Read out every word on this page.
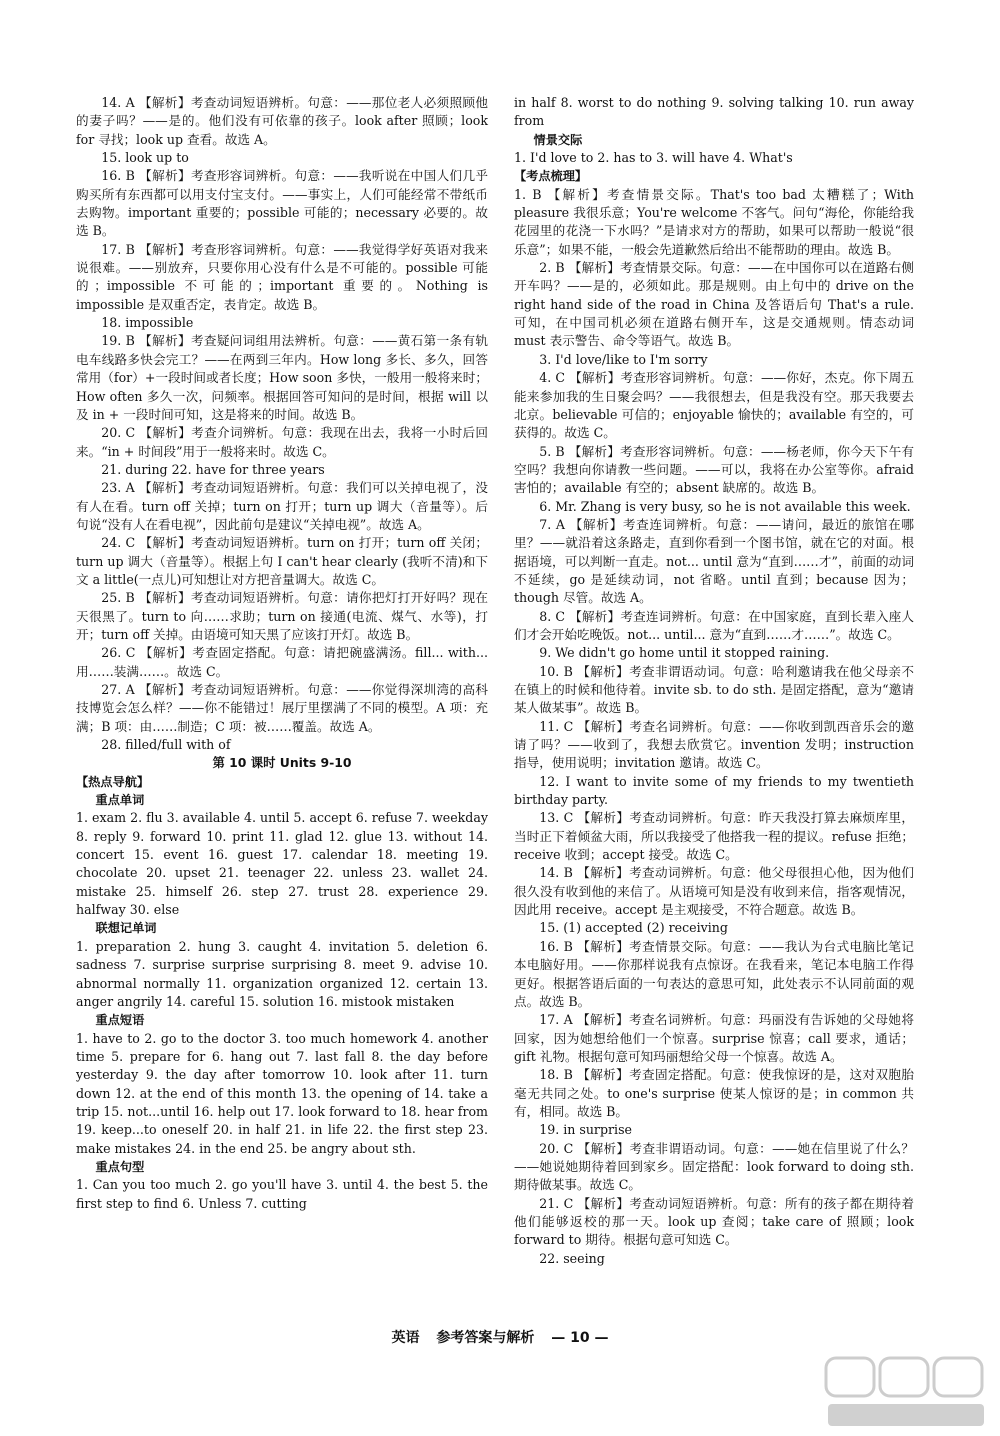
14. A 【解析】考查动词短语辨析。句意：——那位老人必须照顾他的妻子吗？——是的。他们没有可依靠的孩子。look after 照顾；look for 寻找；look up 查看。故选 A。
15. look up to
16. B 【解析】考查形容词辨析。句意：——我听说在中国人们几乎购买所有东西都可以用支付宝支付。——事实上，人们可能经常不带纸币去购物。important 重要的；possible 可能的；necessary 必要的。故选 B。
17. B 【解析】考查形容词辨析。句意：——我觉得学好英语对我来说很难。——别放弃，只要你用心没有什么是不可能的。possible 可能的；impossible 不可能的；important 重要的。Nothing is impossible 是双重否定，表肯定。故选 B。
18. impossible
19. B 【解析】考查疑问词组用法辨析。句意：——黄石第一条有轨电车线路多快会完工？——在两到三年内。How long 多长、多久，回答常用（for）+一段时间或者长度；How soon 多快，一般用一般将来时；How often 多久一次，问频率。根据回答可知问的是时间，根据 will 以及 in + 一段时间可知，这是将来的时间。故选 B。
20. C 【解析】考查介词辨析。句意：我现在出去，我将一小时后回来。“in + 时间段”用于一般将来时。故选 C。
21. during 22. have for three years
23. A 【解析】考查动词短语辨析。句意：我们可以关掉电视了，没有人在看。turn off 关掉；turn on 打开；turn up 调大（音量等）。后句说“没有人在看电视”，因此前句是建议“关掉电视”。故选 A。
24. C 【解析】考查动词短语辨析。turn on 打开；turn off 关闭；turn up 调大（音量等）。根据上句 I can't hear clearly (我听不清)和下文 a little(一点儿)可知想让对方把音量调大。故选 C。
25. B 【解析】考查动词短语辨析。句意：请你把灯打开好吗？现在天很黑了。turn to 向……求助；turn on 接通(电流、煤气、水等)，打开；turn off 关掉。由语境可知天黑了应该打开灯。故选 B。
26. C 【解析】考查固定搭配。句意：请把碗盛满汤。fill... with... 用……装满……。故选 C。
27. A 【解析】考查动词短语辨析。句意：——你觉得深圳湾的高科技博览会怎么样？——你不能错过！展厅里摆满了不同的模型。A 项：充满；B 项：由……制造；C 项：被……覆盖。故选 A。
28. filled/full with of
第 10 课时 Units 9-10
【热点导航】
重点单词
1. exam 2. flu 3. available 4. until 5. accept 6. refuse 7. weekday 8. reply 9. forward 10. print 11. glad 12. glue 13. without 14. concert 15. event 16. guest 17. calendar 18. meeting 19. chocolate 20. upset 21. teenager 22. unless 23. wallet 24. mistake 25. himself 26. step 27. trust 28. experience 29. halfway 30. else
联想记单词
1. preparation 2. hung 3. caught 4. invitation 5. deletion 6. sadness 7. surprise surprise surprising 8. meet 9. advise 10. abnormal normally 11. organization organized 12. certain 13. anger angrily 14. careful 15. solution 16. mistook mistaken
重点短语
1. have to 2. go to the doctor 3. too much homework 4. another time 5. prepare for 6. hang out 7. last fall 8. the day before yesterday 9. the day after tomorrow 10. look after 11. turn down 12. at the end of this month 13. the opening of 14. take a trip 15. not...until 16. help out 17. look forward to 18. hear from 19. keep...to oneself 20. in half 21. in life 22. the first step 23. make mistakes 24. in the end 25. be angry about sth.
重点句型
1. Can you too much 2. go you'll have 3. until 4. the best 5. the first step to find 6. Unless 7. cutting
in half 8. worst to do nothing 9. solving talking 10. run away from
情景交际
1. I'd love to 2. has to 3. will have 4. What's
【考点梳理】
1. B 【解析】考查情景交际。That's too bad 太糟糕了；With pleasure 我很乐意；You're welcome 不客气。问句“海伦，你能给我花园里的花浇一下水吗？”是请求对方的帮助，如果可以帮助一般说“很乐意”；如果不能，一般会先道歉然后给出不能帮助的理由。故选 B。
2. B 【解析】考查情景交际。句意：——在中国你可以在道路右侧开车吗？——是的，必须如此。那是规则。由上句中的 drive on the right hand side of the road in China 及答语后句 That's a rule. 可知，在中国司机必须在道路右侧开车，这是交通规则。情态动词 must 表示警告、命令等语气。故选 B。
3. I'd love/like to I'm sorry
4. C 【解析】考查形容词辨析。句意：——你好，杰克。你下周五能来参加我的生日聚会吗？——我很想去，但是我没有空。那天我要去北京。believable 可信的；enjoyable 愉快的；available 有空的，可获得的。故选 C。
5. B 【解析】考查形容词辨析。句意：——杨老师，你今天下午有空吗？我想向你请教一些问题。——可以，我将在办公室等你。afraid 害怕的；available 有空的；absent 缺席的。故选 B。
6. Mr. Zhang is very busy, so he is not available this week.
7. A 【解析】考查连词辨析。句意：——请问，最近的旅馆在哪里？——就沿着这条路走，直到你看到一个图书馆，就在它的对面。根据语境，可以判断一直走。not... until 意为“直到……才”，前面的动词不延续，go 是延续动词，not 省略。until 直到；because 因为；though 尽管。故选 A。
8. C 【解析】考查连词辨析。句意：在中国家庭，直到长辈入座人们才会开始吃晚饭。not... until... 意为“直到……才……”。故选 C。
9. We didn't go home until it stopped raining.
10. B 【解析】考查非谓语动词。句意：哈利邀请我在他父母亲不在镇上的时候和他待着。invite sb. to do sth. 是固定搭配，意为“邀请某人做某事”。故选 B。
11. C 【解析】考查名词辨析。句意：——你收到凯西音乐会的邀请了吗？——收到了，我想去欣赏它。invention 发明；instruction 指导，使用说明；invitation 邀请。故选 C。
12. I want to invite some of my friends to my twentieth birthday party.
13. C 【解析】考查动词辨析。句意：昨天我没打算去麻烦库里，当时正下着倾盆大雨，所以我接受了他搭我一程的提议。refuse 拒绝；receive 收到；accept 接受。故选 C。
14. B 【解析】考查动词辨析。句意：他父母很担心他，因为他们很久没有收到他的来信了。从语境可知是没有收到来信，指客观情况，因此用 receive。accept 是主观接受，不符合题意。故选 B。
15. (1) accepted (2) receiving
16. B 【解析】考查情景交际。句意：——我认为台式电脑比笔记本电脑好用。——你那样说我有点惊讶。在我看来，笔记本电脑工作得更好。根据答语后面的一句表达的意思可知，此处表示不认同前面的观点。故选 B。
17. A 【解析】考查名词辨析。句意：玛丽没有告诉她的父母她将回家，因为她想给他们一个惊喜。surprise 惊喜；call 要求，通话；gift 礼物。根据句意可知玛丽想给父母一个惊喜。故选 A。
18. B 【解析】考查固定搭配。句意：使我惊讶的是，这对双胞胎毫无共同之处。to one's surprise 使某人惊讶的是；in common 共有，相同。故选 B。
19. in surprise
20. C 【解析】考查非谓语动词。句意：——她在信里说了什么？——她说她期待着回到家乡。固定搭配：look forward to doing sth. 期待做某事。故选 C。
21. C 【解析】考查动词短语辨析。句意：所有的孩子都在期待着他们能够返校的那一天。look up 查阅；take care of 照顾；look forward to 期待。根据句意可知选 C。
22. seeing
英语 参考答案与解析 — 10 —
